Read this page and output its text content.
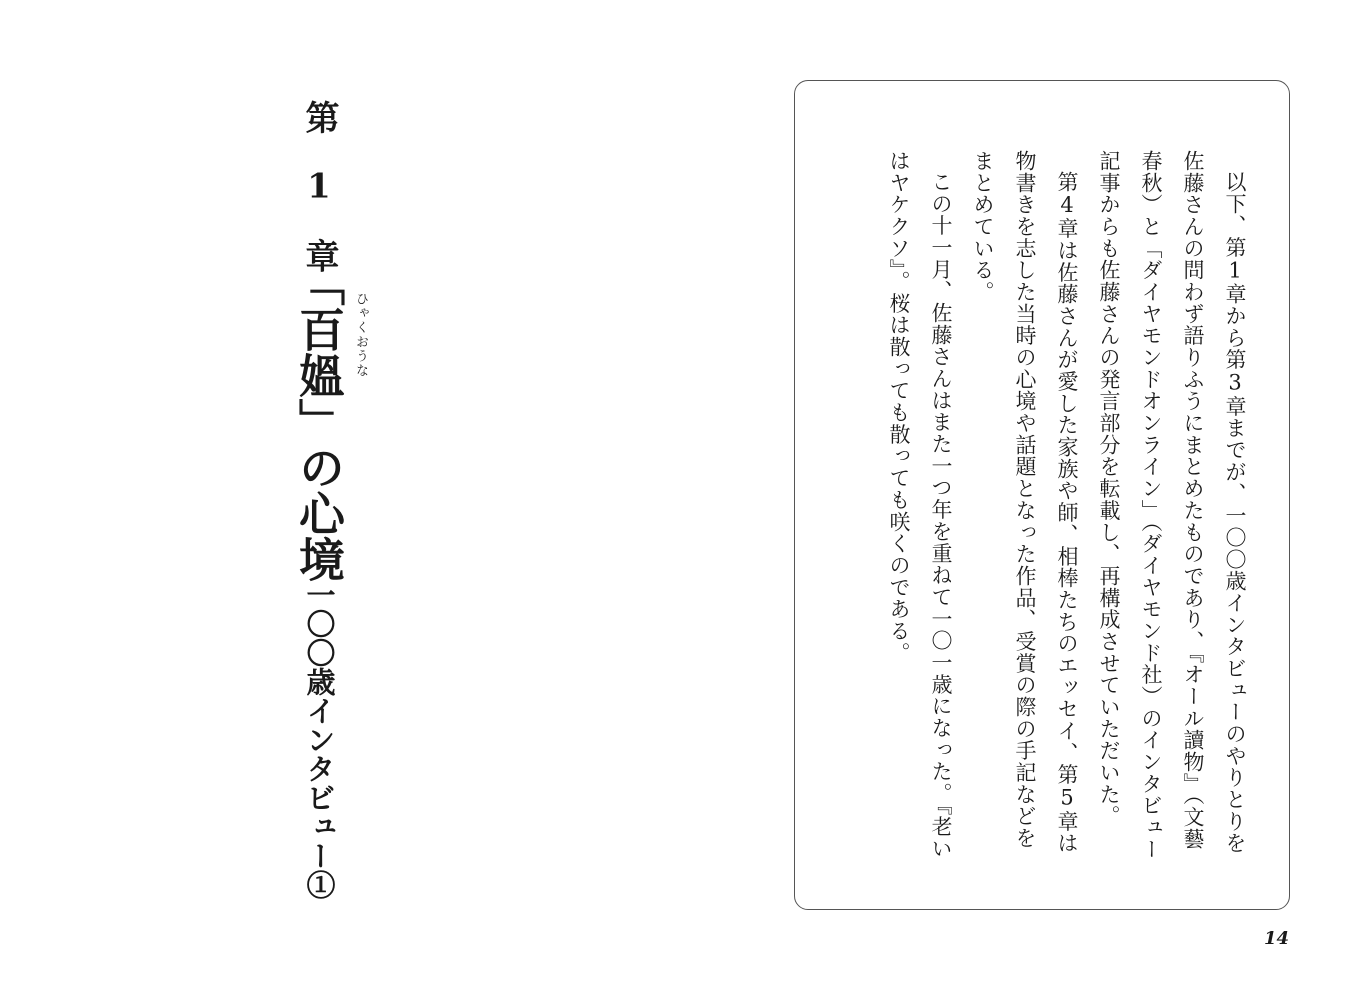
第1章
「百媼」の心境
一〇〇歳インタビュー①
ひゃくおうな	以下、第1章から第3章までが、一〇〇歳インタビューのやりとりを佐藤さんの問わず語りふうにまとめたものであり、『オール讀物』（文藝春秋）と「ダイヤモンドオンライン」（ダイヤモンド社）のインタビュー記事からも佐藤さんの発言部分を転載し、再構成させていただいた。

第4章は佐藤さんが愛した家族や師、相棒たちのエッセイ、第5章は物書きを志した当時の心境や話題となった作品、受賞の際の手記などをまとめている。

この十一月、佐藤さんはまた一つ年を重ねて一〇一歳になった。『老いはヤケクソ』。桜は散っても散っても咲くのである。

14
